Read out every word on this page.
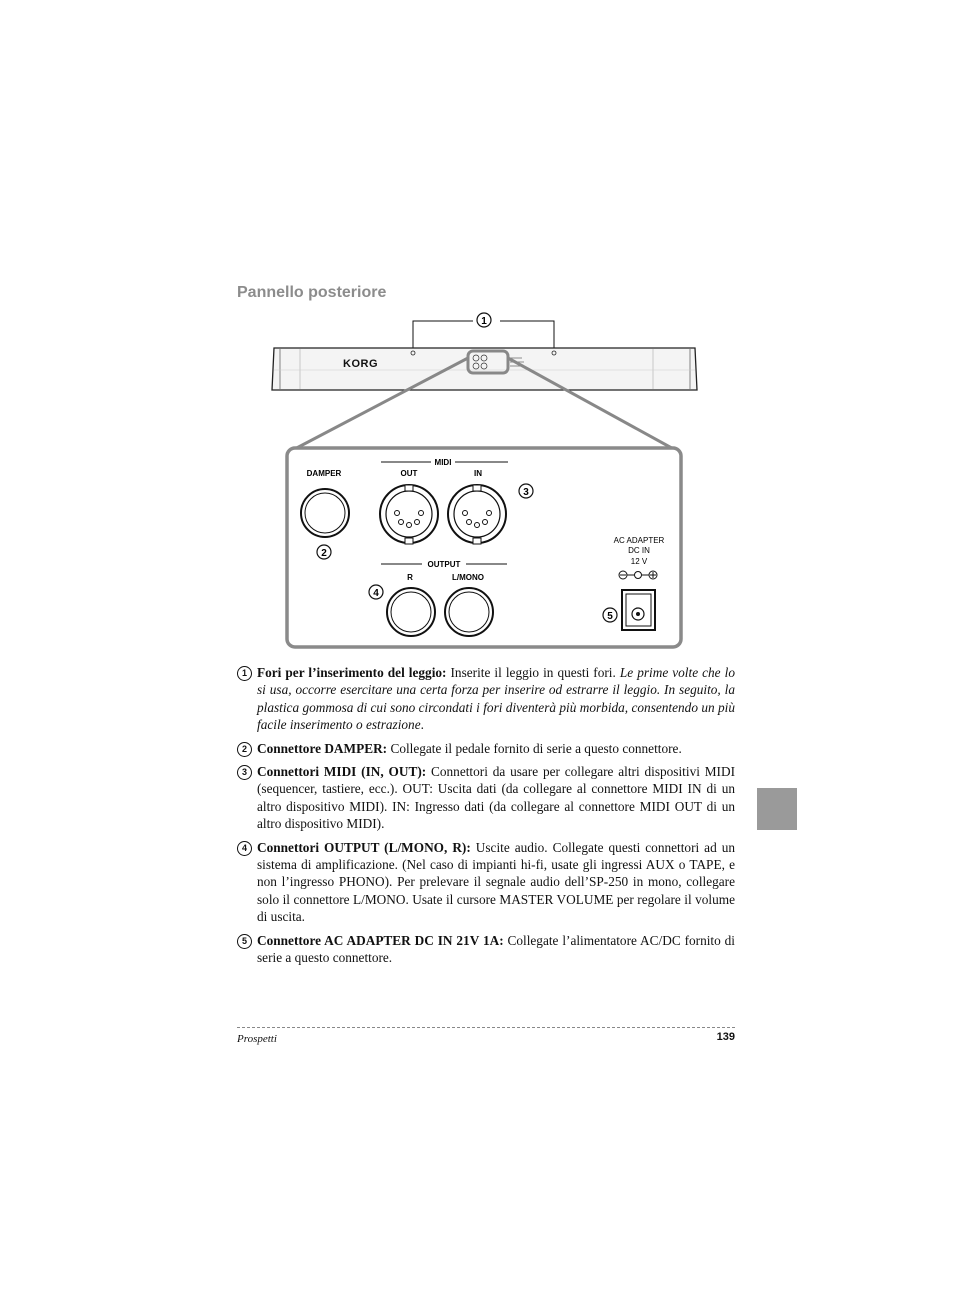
Pannello posteriore
1
KORG
MIDI
OUT	IN
DAMPER
3
2
OUTPUT
R	L/MONO
4
AC ADAPTER
DC IN
12 V
5
1 Fori per l’inserimento del leggio: Inserite il leggio in questi fori. Le prime volte che lo si usa, occorre esercitare una certa forza per inserire od estrarre il leggio. In seguito, la plastica gommosa di cui sono circondati i fori diventerà più morbida, consentendo un più facile inserimento o estrazione.
2 Connettore DAMPER: Collegate il pedale fornito di serie a questo connettore.
3 Connettori MIDI (IN, OUT): Connettori da usare per collegare altri dispositivi MIDI (sequencer, tastiere, ecc.). OUT: Uscita dati (da collegare al connettore MIDI IN di un altro dispositivo MIDI). IN: Ingresso dati (da collegare al connettore MIDI OUT di un altro dispositivo MIDI).
4 Connettori OUTPUT (L/MONO, R): Uscite audio. Collegate questi connettori ad un sistema di amplificazione. (Nel caso di impianti hi-fi, usate gli ingressi AUX o TAPE, e non l’ingresso PHONO). Per prelevare il segnale audio dell’SP-250 in mono, collegare solo il connettore L/MONO. Usate il cursore MASTER VOLUME per regolare il volume di uscita.
5 Connettore AC ADAPTER DC IN 21V 1A: Collegate l’alimentatore AC/DC fornito di serie a questo connettore.
Prospetti	139
